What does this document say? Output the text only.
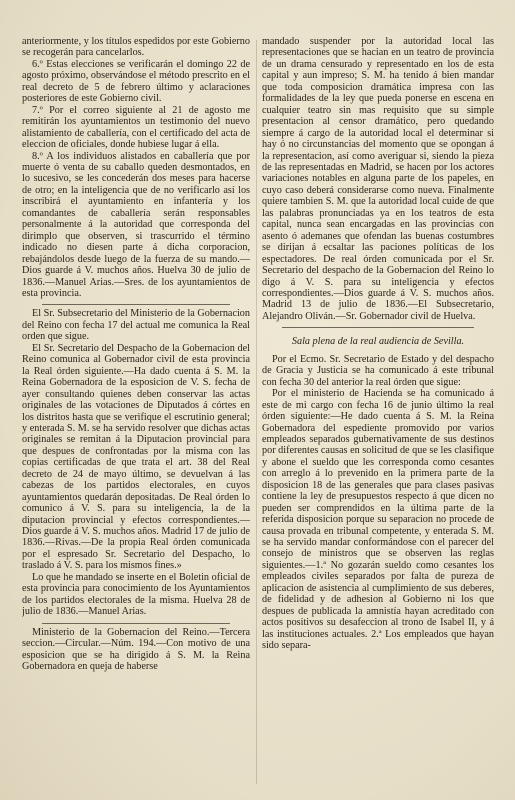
anteriormente, y los títulos espedidos por este Gobierno se recogerán para cancelarlos.

6.º Estas elecciones se verificarán el domingo 22 de agosto próximo, observándose el método prescrito en el real decreto de 5 de febrero último y aclaraciones posteriores de este Gobierno civil.

7.º Por el correo siguiente al 21 de agosto me remitirán los ayuntamientos un testimonio del nuevo alistamiento de caballería, con el certificado del acta de eleccion de oficiales, donde hubiese lugar á ella.

8.º A los individuos alistados en caballería que por muerte ó venta de su caballo queden desmontados, en lo sucesivo, se les concederán dos meses para hacerse de otro; en la inteligencia que de no verificarlo así los inscribirá el ayuntamiento en infantería y los comandantes de caballería serán responsables personalmente á la autoridad que corresponda del dirimplo que observen, si trascurrido el término indicado no diesen parte á dicha corporacion, rebajándolos desde luego de la fuerza de su mando.—Dios guarde á V. muchos años. Huelva 30 de julio de 1836.—Manuel Arias.—Sres. de los ayuntamientos de esta provincia.

El Sr. Subsecretario del Ministerio de la Gobernacion del Reino con fecha 17 del actual me comunica la Real orden que sigue.

El Sr. Secretario del Despacho de la Gobernacion del Reino comunica al Gobernador civil de esta provincia la Real órden siguiente.—Ha dado cuenta á S. M. la Reina Gobernadora de la esposicion de V. S. fecha de ayer consultando quienes deben conservar las actas originales de las votaciones de Diputados á córtes en los distritos hasta que se verifique el escrutinio general; y enterada S. M. se ha servido resolver que dichas actas originales se remitan á la Diputacion provincial para que despues de confrontadas por la misma con las copias certificadas de que trata el art. 38 del Real decreto de 24 de mayo último, se devuelvan á las cabezas de los partidos electorales, en cuyos ayuntamientos quedarán depositadas. De Real órden lo comunico á V. S. para su inteligencia, la de la diputacion provincial y efectos correspondientes.—Dios guarde á V. S. muchos años. Madrid 17 de julio de 1836.—Rivas.—De la propia Real órden comunicada por el espresado Sr. Secretario del Despacho, lo traslado á V. S. para los mismos fines.»

Lo que he mandado se inserte en el Boletin oficial de esta provincia para conocimiento de los Ayuntamientos de los partidos electorales de la misma. Huelva 28 de julio de 1836.—Manuel Arias.

Ministerio de la Gobernacion del Reino.—Tercera seccion.—Circular.—Núm. 194.—Con motivo de una esposicion que se ha dirigido á S. M. la Reina Gobernadora en queja de haberse

mandado suspender por la autoridad local las representaciones que se hacian en un teatro de provincia de un drama censurado y representado en los de esta capital y aun impreso; S. M. ha tenido á bien mandar que toda composicion dramática impresa con las formalidades de la ley que pueda ponerse en escena en cualquier teatro sin mas requisito que su simple presentacion al censor dramático, pero quedando siempre á cargo de la autoridad local el determinar si hay ó no circunstancias del momento que se opongan á la representacion, así como averiguar si, siendo la pieza de las representadas en Madrid, se hacen por los actores variaciones notables en alguna parte de los papeles, en cuyo caso deberá considerarse como nueva. Finalmente quiere tambien S. M. que la autoridad local cuide de que las palabras pronunciadas ya en los teatros de esta capital, nunca sean encargadas en las provincias con asento ó ademanes que ofendan las buenas costumbres se dirijan á ecsaltar las paciones políticas de los espectadores. De real órden comunicada por el Sr. Secretario del despacho de la Gobernacion del Reino lo digo á V. S. para su inteligencia y efectos correspondientes.—Dios guarde á V. S. muchos años. Madrid 13 de julio de 1836.—El Subsecretario, Alejandro Oliván.—Sr. Gobernador civil de Huelva.

Sala plena de la real audiencia de Sevilla.

Por el Ecmo. Sr. Secretario de Estado y del despacho de Gracia y Justicia se ha comunicado á este tribunal con fecha 30 del anterior la real órden que sigue:

Por el ministerio de Hacienda se ha comunicado á este de mi cargo con fecha 16 de junio último la real órden siguiente:—He dado cuenta á S. M. la Reina Gobernadora del espediente promovido por varios empleados separados gubernativamente de sus destinos por diferentes causas en solicitud de que se les clasifique y abone el sueldo que les corresponda como cesantes con arreglo á lo prevenido en la primera parte de la disposicion 18 de las generales que para clases pasivas contiene la ley de presupuestos respecto á que dicen no pueden ser comprendidos en la última parte de la referida disposicion porque su separacion no procede de causa provada en tribunal competente, y enterada S. M. se ha servido mandar conformándose con el parecer del consejo de ministros que se observen las reglas siguientes.—1.ª No gozarán sueldo como cesantes los empleados civiles separados por falta de pureza de aplicacion de asistencia al cumplimiento de sus deberes, de fidelidad y de adhesion al Gobierno ni los que despues de publicada la amnistía hayan acreditado con actos positivos su desafeccion al trono de Isabel II, y á las instituciones actuales. 2.ª Los empleados que hayan sido separa-
